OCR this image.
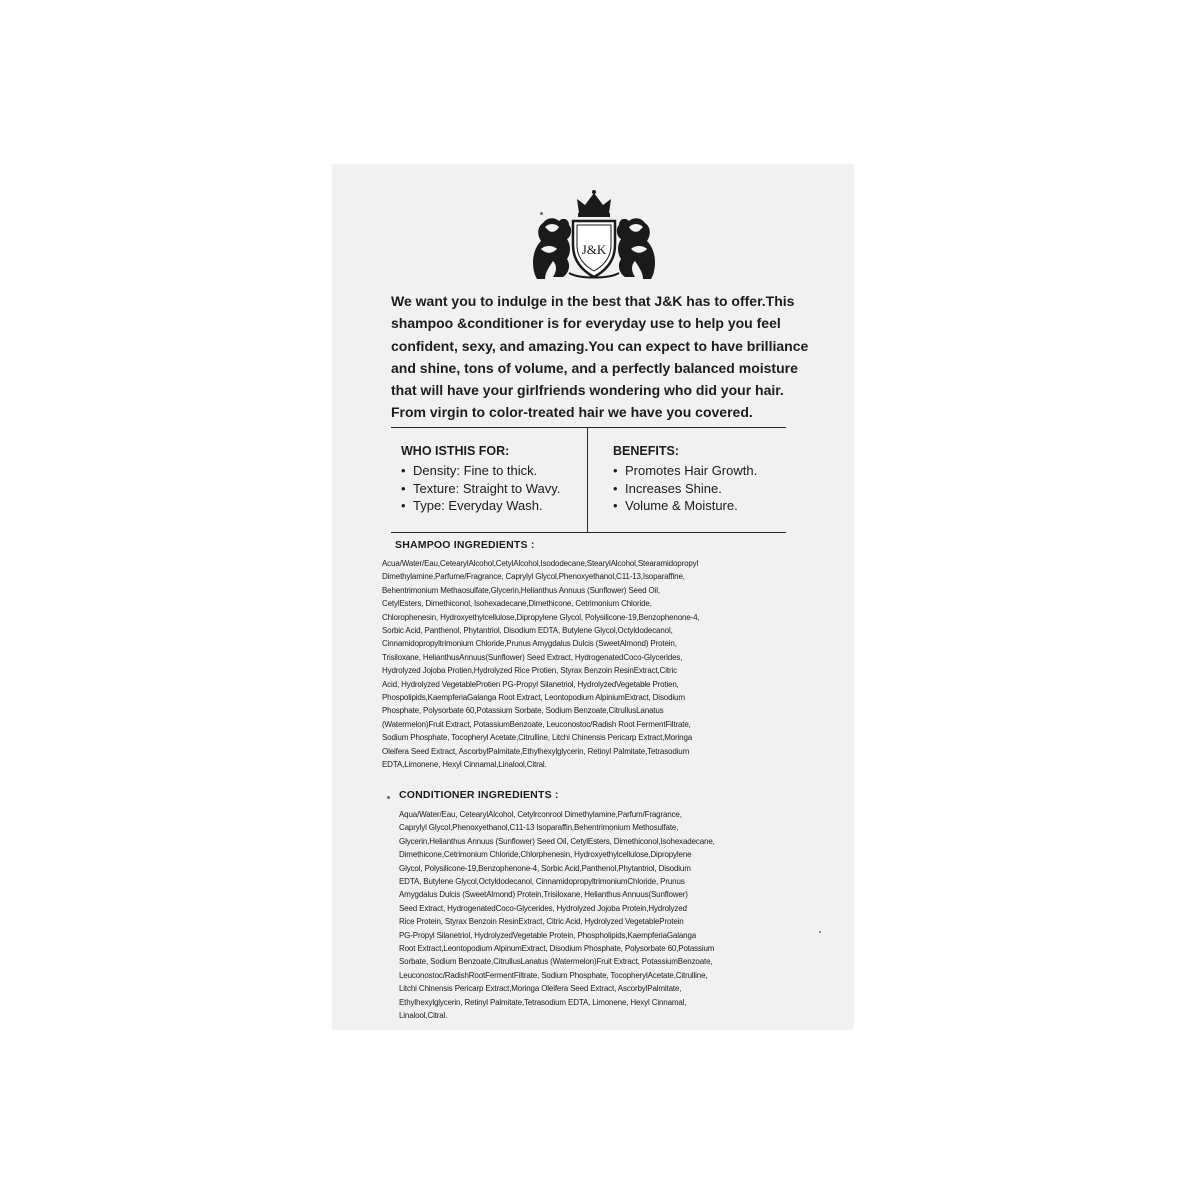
J&K
We want you to indulge in the best that J&K has to offer.This
shampoo &conditioner is for everyday use to help you feel
confident, sexy, and amazing.You can expect to have brilliance
and shine, tons of volume, and a perfectly balanced moisture
that will have your girlfriends wondering who did your hair.
From virgin to color-treated hair we have you covered.
WHO ISTHIS FOR:
• Density: Fine to thick.
• Texture: Straight to Wavy.
• Type: Everyday Wash.
BENEFITS:
• Promotes Hair Growth.
• Increases Shine.
• Volume & Moisture.
SHAMPOO INGREDIENTS :
Acua/Water/Eau,CetearylAlcohol,CetylAlcohol,Isododecane,StearylAlcohol,Stearamidopropyl
Dimethylamine,Parfume/Fragrance, Caprylyl Glycol,Phenoxyethanol,C11-13,Isoparaffine,
Behentrimonium Methaosulfate,Glycerin,Helianthus Annuus (Sunflower) Seed Oil,
CetylEsters, Dimethiconol, Isohexadecane,Dimethicone, Cetrimonium Chloride,
Chlorophenesin, Hydroxyethylcellulose,Dipropylene Glycol, Polysilicone-19,Benzophenone-4,
Sorbic Acid, Panthenol, Phytantriol, Disodium EDTA, Butylene Glycol,Octyldodecanol,
Cinnamidopropyltrimonium Chloride,Prunus Amygdalus Dulcis (SweetAlmond) Protein,
Trisiloxane, HelianthusAnnuus(Sunflower) Seed Extract, HydrogenatedCoco-Glycerides,
Hydrolyzed Jojoba Protien,Hydrolyzed Rice Protien, Styrax Benzoin ResinExtract,Citric
Acid, Hydrolyzed VegetableProtien PG-Propyl Silanetriol, HydrolyzedVegetable Protien,
Phospolipids,KaempferiaGalanga Root Extract, Leontopodium AlpiniumExtract, Disodium
Phosphate, Polysorbate 60,Potassium Sorbate, Sodium Benzoate,CitrullusLanatus
(Watermelon)Fruit Extract, PotassiumBenzoate, Leuconostoc/Radish Root FermentFiltrate,
Sodium Phosphate, Tocopheryl Acetate,Citrulline, Litchi Chinensis Pericarp Extract,Moringa
Oleifera Seed Extract, AscorbylPalmitate,Ethylhexylglycerin, Retinyl Palmitate,Tetrasodium
EDTA,Limonene, Hexyl Cinnamal,Linalool,Citral.
CONDITIONER INGREDIENTS :
Aqua/Water/Eau, CetearylAlcohol, Cetylrconrool Dimethylamine,Parfum/Fragrance,
Caprylyl Glycol,Phenoxyethanol,C11-13 Isoparaffin,Behentrimonium Methosulfate,
Glycerin,Helianthus Annuus (Sunflower) Seed Oil, CetylEsters, Dimethiconol,Isohexadecane,
Dimethicone,Cetrimonium Chloride,Chlorphenesin, Hydroxyethylcellulose,Dipropylene
Glycol, Polysilicone-19,Benzophenone-4, Sorbic Acid,Panthenol,Phytantriol, Disodium
EDTA, Butylene Glycol,Octyldodecanol, CinnamidopropyltrimoniumChloride, Prunus
Amygdalus Dulcis (SweetAlmond) Protein,Trisiloxane, Helianthus Annuus(Sunflower)
Seed Extract, HydrogenatedCoco-Glycerides, Hydrolyzed Jojoba Protein,Hydrolyzed
Rice Protein, Styrax Benzoin ResinExtract, Citric Acid, Hydrolyzed VegetableProtein
PG-Propyl Silanetriol, HydrolyzedVegetable Protein, Phospholipids,KaempferiaGalanga
Root Extract,Leontopodium AlpinumExtract, Disodium Phosphate, Polysorbate 60,Potassium
Sorbate, Sodium Benzoate,CitrullusLanatus (Watermelon)Fruit Extract, PotassiumBenzoate,
Leuconostoc/RadishRootFermentFiltrate, Sodium Phosphate, TocopherylAcetate,Citrulline,
Litchi Chinensis Pericarp Extract,Moringa Oleifera Seed Extract, AscorbylPalmitate,
Ethylhexylglycerin, Retinyl Palmitate,Tetrasodium EDTA, Limonene, Hexyl Cinnamal,
Linalool,Citral.
